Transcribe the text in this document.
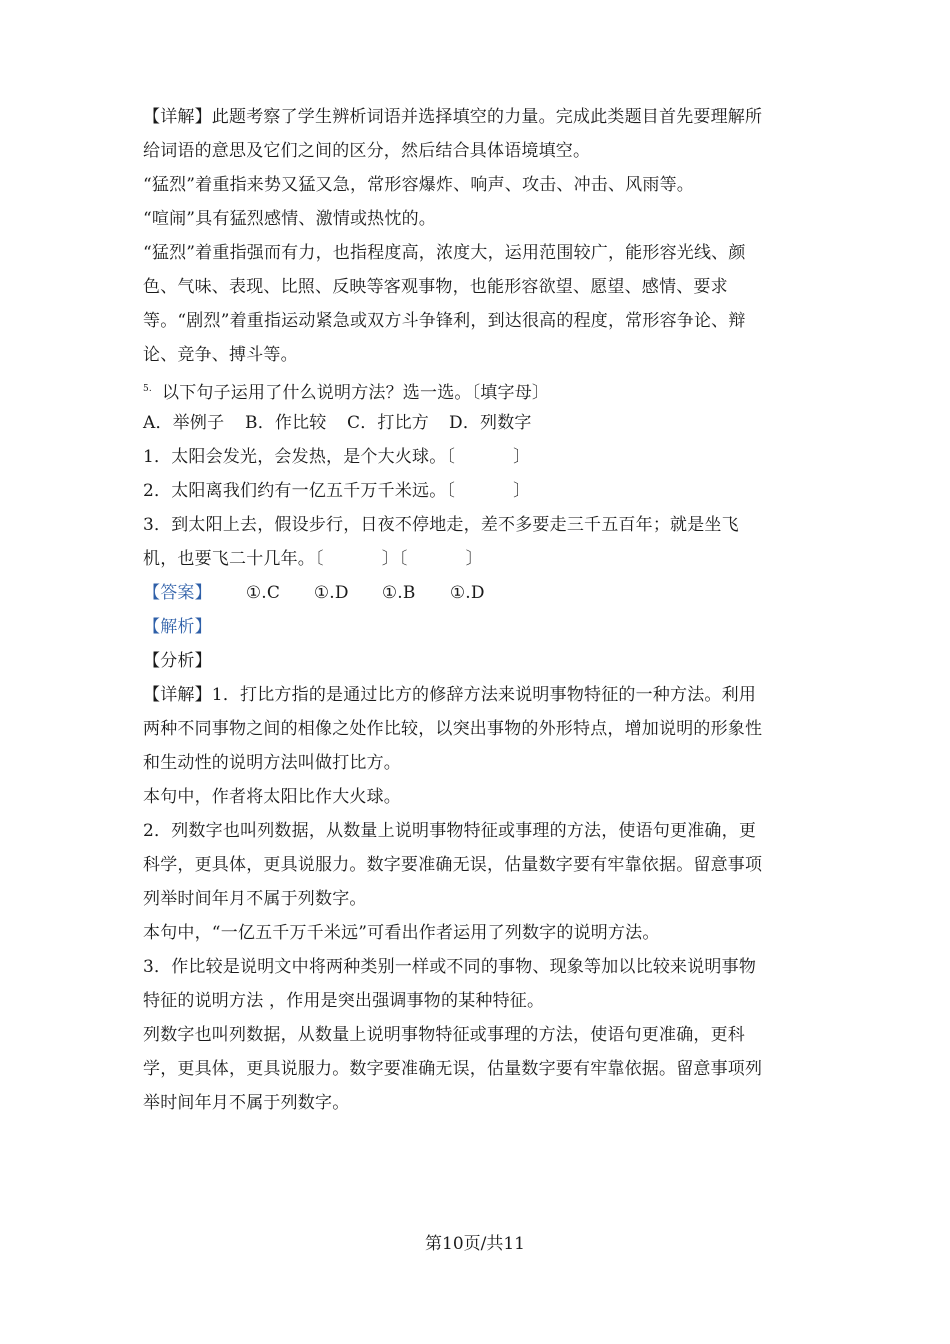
【详解】此题考察了学生辨析词语并选择填空的力量。完成此类题目首先要理解所
给词语的意思及它们之间的区分，然后结合具体语境填空。
“猛烈”着重指来势又猛又急，常形容爆炸、响声、攻击、冲击、风雨等。
“喧闹”具有猛烈感情、激情或热忱的。
“猛烈”着重指强而有力，也指程度高，浓度大，运用范围较广，能形容光线、颜
色、气味、表现、比照、反映等客观事物，也能形容欲望、愿望、感情、要求
等。“剧烈”着重指运动紧急或双方斗争锋利，到达很高的程度，常形容争论、辩
论、竞争、搏斗等。
$^{5.}$ 以下句子运用了什么说明方法？选一选。〔填字母〕
A．举例子 B．作比较 C．打比方 D．列数字
1．太阳会发光，会发热，是个大火球。〔	〕
2．太阳离我们约有一亿五千万千米远。〔	〕
3．到太阳上去，假设步行，日夜不停地走，差不多要走三千五百年；就是坐飞
机，也要飞二十几年。〔	〕〔	〕
【答案】 ①.C ①.D ①.B ①.D
【解析】
【分析】
【详解】1．打比方指的是通过比方的修辞方法来说明事物特征的一种方法。利用
两种不同事物之间的相像之处作比较，以突出事物的外形特点，增加说明的形象性
和生动性的说明方法叫做打比方。
本句中，作者将太阳比作大火球。
2．列数字也叫列数据，从数量上说明事物特征或事理的方法，使语句更准确，更
科学，更具体，更具说服力。数字要准确无误，估量数字要有牢靠依据。留意事项
列举时间年月不属于列数字。
本句中，“一亿五千万千米远”可看出作者运用了列数字的说明方法。
3．作比较是说明文中将两种类别一样或不同的事物、现象等加以比较来说明事物
特征的说明方法 ，作用是突出强调事物的某种特征。
列数字也叫列数据，从数量上说明事物特征或事理的方法，使语句更准确，更科
学，更具体，更具说服力。数字要准确无误，估量数字要有牢靠依据。留意事项列
举时间年月不属于列数字。
第10页/共11
